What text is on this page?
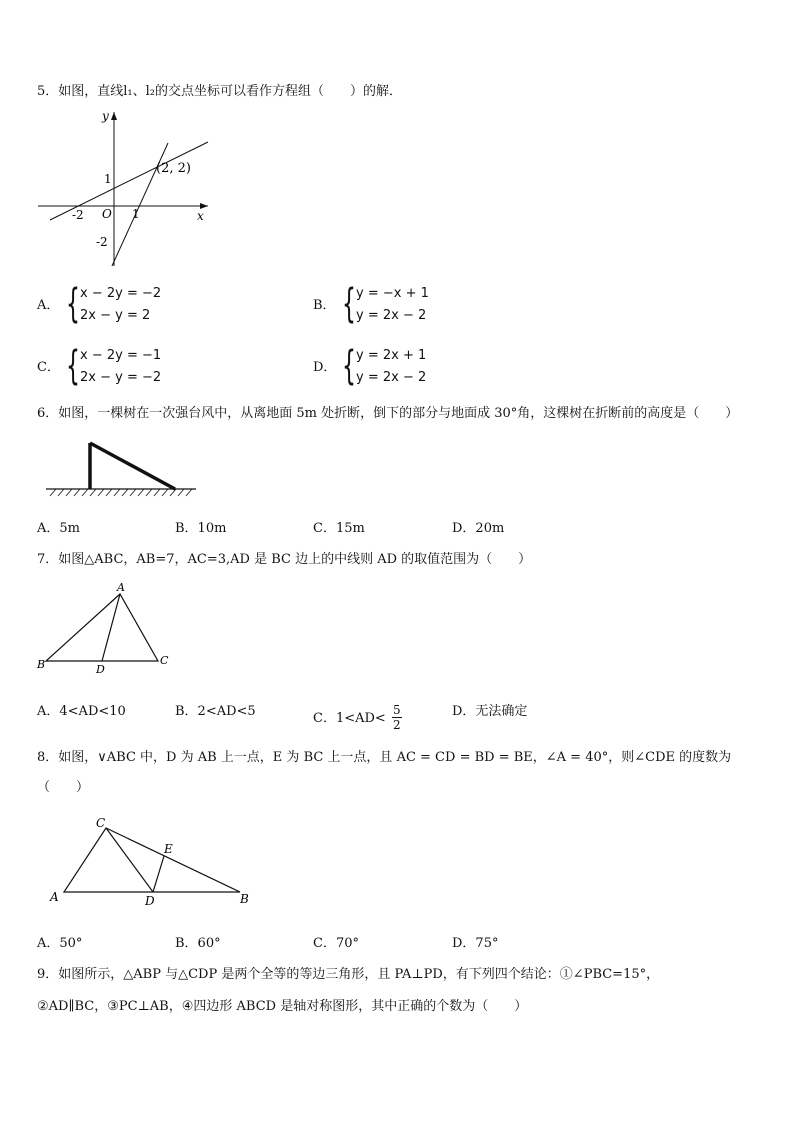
5．如图，直线l₁、l₂的交点坐标可以看作方程组（　　）的解．
y
x
O
1
-2	1
-2
(2, 2)
A． { x − 2y = −2
2x − y = 2
B． { y = −x + 1
y = 2x − 2
C． { x − 2y = −1
2x − y = −2
D． { y = 2x + 1
y = 2x − 2
6．如图，一棵树在一次强台风中，从离地面 5m 处折断，倒下的部分与地面成 30°角，这棵树在折断前的高度是（　　）
A．5m	B．10m	C．15m	D．20m
7．如图△ABC，AB=7，AC=3,AD 是 BC 边上的中线则 AD 的取值范围为（　　）
A
B	C
D
A．4<AD<10	B．2<AD<5	C．$1<AD< \frac{5}{2}$	D．无法确定
8．如图，∨ABC 中，D 为 AB 上一点，E 为 BC 上一点，且 AC = CD = BD = BE，∠A = 40°，则∠CDE 的度数为
（　　）
C
A	B
D
E
A．50°	B．60°	C．70°	D．75°
9．如图所示，△ABP 与△CDP 是两个全等的等边三角形，且 PA⊥PD，有下列四个结论：①∠PBC=15°，
②AD∥BC，③PC⊥AB，④四边形 ABCD 是轴对称图形，其中正确的个数为（　　）
